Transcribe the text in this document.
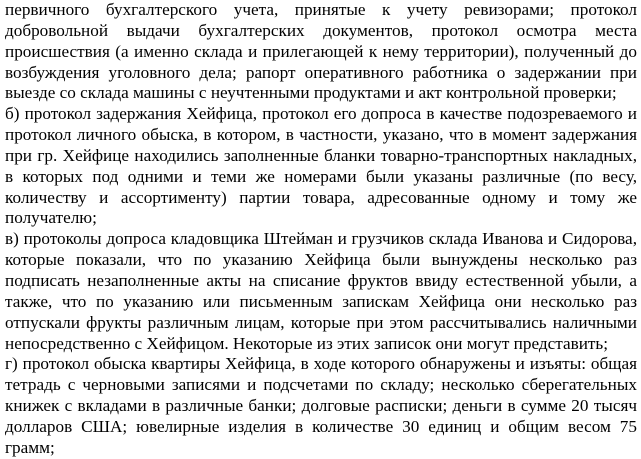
первичного бухгалтерского учета, принятые к учету ревизорами; протокол добровольной выдачи бухгалтерских документов, протокол осмотра места происшествия (а именно склада и прилегающей к нему территории), полученный до возбуждения уголовного дела; рапорт оперативного работника о задержании при выезде со склада машины с неучтенными продуктами и акт контрольной проверки;

б) протокол задержания Хейфица, протокол его допроса в качестве подозреваемого и протокол личного обыска, в котором, в частности, указано, что в момент задержания при гр. Хейфице находились заполненные бланки товарно-транспортных накладных, в которых под одними и теми же номерами были указаны различные (по весу, количеству и ассортименту) партии товара, адресованные одному и тому же получателю;

в) протоколы допроса кладовщика Штейман и грузчиков склада Иванова и Сидорова, которые показали, что по указанию Хейфица были вынуждены несколько раз подписать незаполненные акты на списание фруктов ввиду естественной убыли, а также, что по указанию или письменным запискам Хейфица они несколько раз отпускали фрукты различным лицам, которые при этом рассчитывались наличными непосредственно с Хейфицом. Некоторые из этих записок они могут представить;

г) протокол обыска квартиры Хейфица, в ходе которого обнаружены и изъяты: общая тетрадь с черновыми записями и подсчетами по складу; несколько сберегательных книжек с вкладами в различные банки; долговые расписки; деньги в сумме 20 тысяч долларов США; ювелирные изделия в количестве 30 единиц и общим весом 75 грамм;
